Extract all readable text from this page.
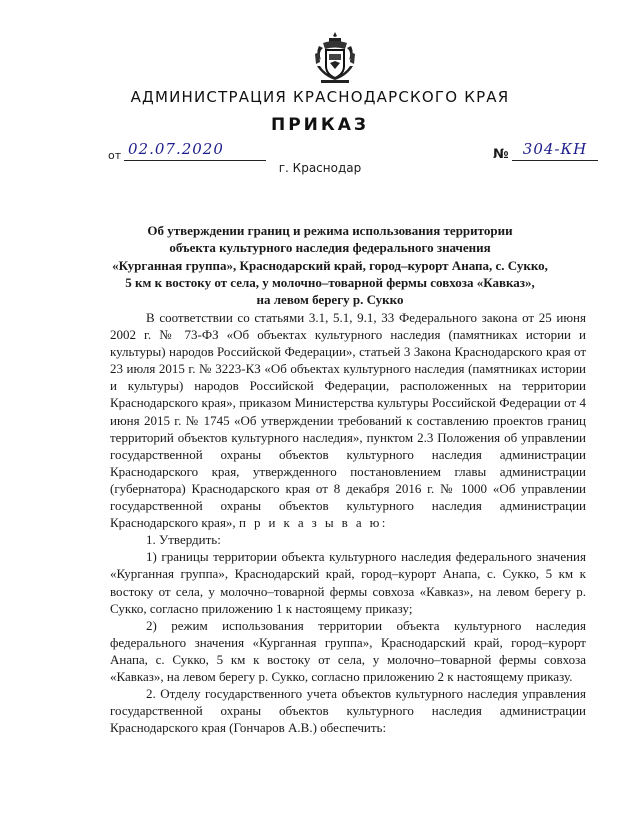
АДМИНИСТРАЦИЯ КРАСНОДАРСКОГО КРАЯ
ПРИКАЗ
от 02.07.2020	№ 304-КН
г. Краснодар
Об утверждении границ и режима использования территории
объекта культурного наследия федерального значения
«Курганная группа», Краснодарский край, город–курорт Анапа, с. Сукко,
5 км к востоку от села, у молочно–товарной фермы совхоза «Кавказ»,
на левом берегу р. Сукко

В соответствии со статьями 3.1, 5.1, 9.1, 33 Федерального закона от 25 июня 2002 г. № 73-ФЗ «Об объектах культурного наследия (памятниках истории и культуры) народов Российской Федерации», статьей 3 Закона Краснодарского края от 23 июля 2015 г. № 3223-КЗ «Об объектах культурного наследия (памятниках истории и культуры) народов Российской Федерации, расположенных на территории Краснодарского края», приказом Министерства культуры Российской Федерации от 4 июня 2015 г. № 1745 «Об утверждении требований к составлению проектов границ территорий объектов культурного наследия», пунктом 2.3 Положения об управлении государственной охраны объектов культурного наследия администрации Краснодарского края, утвержденного постановлением главы администрации (губернатора) Краснодарского края от 8 декабря 2016 г. № 1000 «Об управлении государственной охраны объектов культурного наследия администрации Краснодарского края», п р и к а з ы в а ю:

1. Утвердить:

1) границы территории объекта культурного наследия федерального значения «Курганная группа», Краснодарский край, город–курорт Анапа, с. Сукко, 5 км к востоку от села, у молочно–товарной фермы совхоза «Кавказ», на левом берегу р. Сукко, согласно приложению 1 к настоящему приказу;

2) режим использования территории объекта культурного наследия федерального значения «Курганная группа», Краснодарский край, город–курорт Анапа, с. Сукко, 5 км к востоку от села, у молочно–товарной фермы совхоза «Кавказ», на левом берегу р. Сукко, согласно приложению 2 к настоящему приказу.

2. Отделу государственного учета объектов культурного наследия управления государственной охраны объектов культурного наследия администрации Краснодарского края (Гончаров А.В.) обеспечить:
